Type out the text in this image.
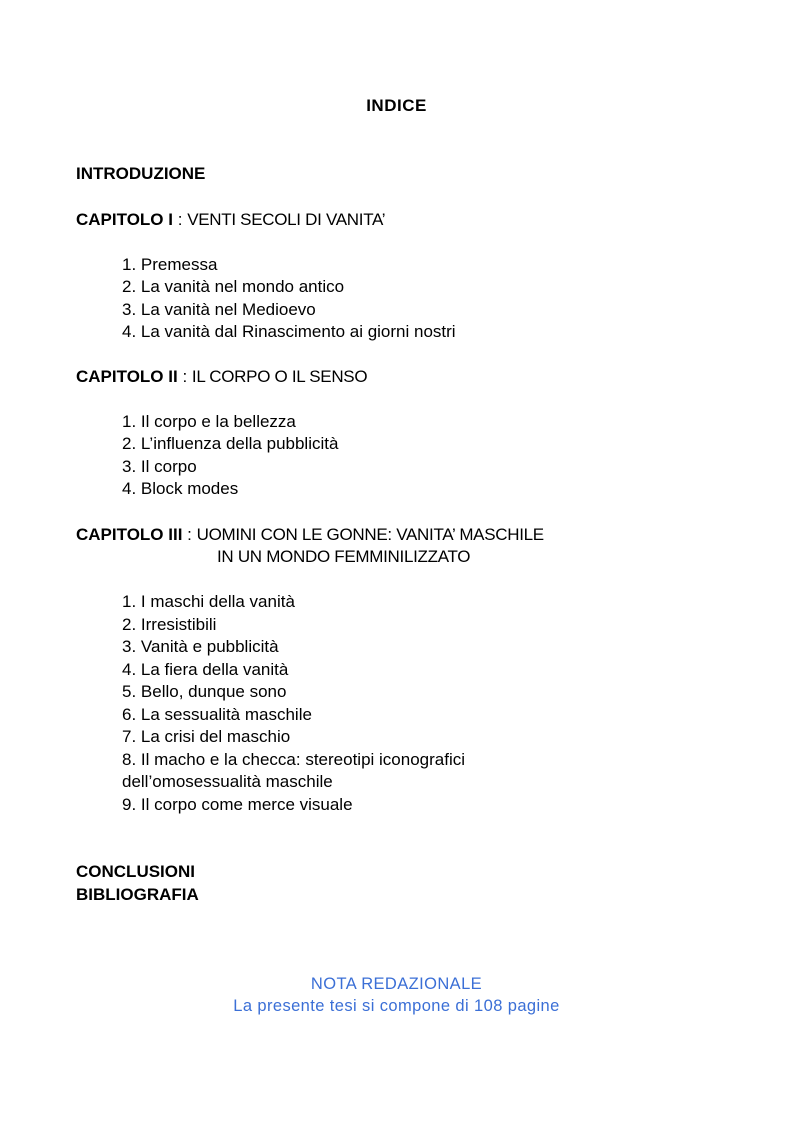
INDICE
INTRODUZIONE
CAPITOLO I : VENTI SECOLI DI VANITA’
1. Premessa
2. La vanità nel mondo antico
3. La vanità nel Medioevo
4. La vanità dal Rinascimento ai giorni nostri
CAPITOLO II : IL CORPO O IL SENSO
1. Il corpo e la bellezza
2. L’influenza della pubblicità
3. Il corpo
4. Block modes
CAPITOLO III : UOMINI CON LE GONNE: VANITA’ MASCHILE
IN UN MONDO FEMMINILIZZATO
1. I maschi della vanità
2. Irresistibili
3. Vanità e pubblicità
4. La fiera della vanità
5. Bello, dunque sono
6. La sessualità maschile
7. La crisi del maschio
8. Il macho e la checca: stereotipi iconografici
dell’omosessualità maschile
9. Il corpo come merce visuale
CONCLUSIONI
BIBLIOGRAFIA
NOTA REDAZIONALE
La presente tesi si compone di 108 pagine
